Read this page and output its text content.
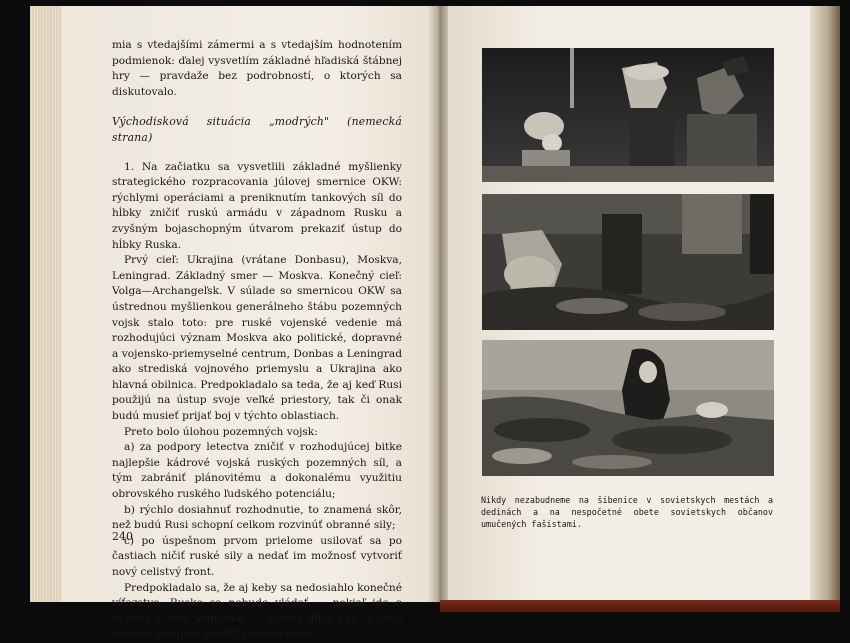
mia s vtedajšími zámermi a s vtedajším hodnotením podmienok: ďalej vysvetlím základné hľadiská štábnej hry — pravdaže bez podrobností, o ktorých sa diskutovalo.

Východisková situácia „modrých" (nemecká strana)

1. Na začiatku sa vysvetlili základné myšlienky strategického rozpracovania júlovej smernice OKW: rýchlymi operáciami a preniknutím tankových síl do hĺbky zničiť ruskú armádu v západnom Rusku a zvyšným bojaschopným útvarom prekaziť ústup do hĺbky Ruska.

Prvý cieľ: Ukrajina (vrátane Donbasu), Moskva, Leningrad. Základný smer — Moskva. Konečný cieľ: Volga—Archangeľsk. V súlade so smernicou OKW sa ústrednou myšlienkou generálneho štábu pozemných vojsk stalo toto: pre ruské vojenské vedenie má rozhodujúci význam Moskva ako politické, dopravné a vojensko-priemyselné centrum, Donbas a Leningrad ako strediská vojnového priemyslu a Ukrajina ako hlavná obilnica. Predpokladalo sa teda, že aj keď Rusi použijú na ústup svoje veľké priestory, tak či onak budú musieť prijať boj v týchto oblastiach.

Preto bolo úlohou pozemných vojsk:

a) za podpory letectva zničiť v rozhodujúcej bitke najlepšie kádrové vojská ruských pozemných síl, a tým zabrániť plánovitému a dokonalému využitiu obrovského ruského ľudského potenciálu;

b) rýchlo dosiahnuť rozhodnutie, to znamená skôr, než budú Rusi schopní celkom rozvinúť obranné sily;

c) po úspešnom prvom prielome usilovať sa po častiach ničiť ruské sily a nedať im možnosť vytvoriť nový celistvý front.

Predpokladalo sa, že aj keby sa nedosiahlo konečné víťazstvo, Rusko sa nebude vládať — pokiaľ ide o výzbroj i stav jednotiek — udržať dlhší čas, a teda nebude schopné zvrátiť priebeh vojny.

240
Nikdy nezabudneme na šibenice v sovietskych mestách a dedinách a na nespočetné obete sovietskych občanov umučených fašistami.
